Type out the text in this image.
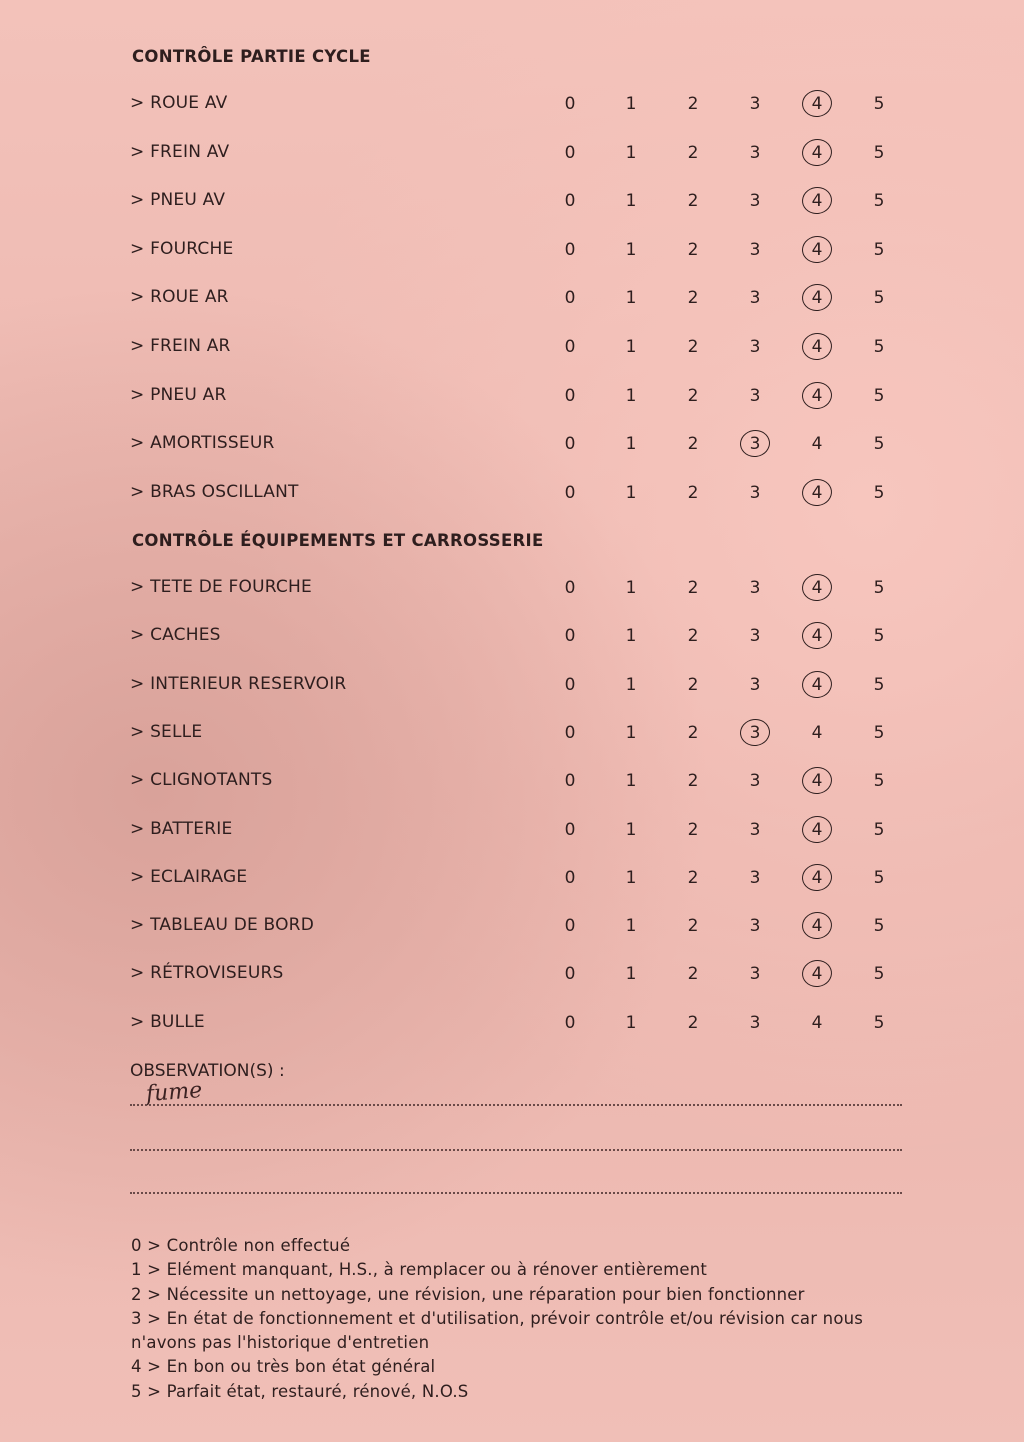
CONTRÔLE PARTIE CYCLE
> ROUE AV	0	1	2	3	4	5
> FREIN AV	0	1	2	3	4	5
> PNEU AV	0	1	2	3	4	5
> FOURCHE	0	1	2	3	4	5
> ROUE AR	0	1	2	3	4	5
> FREIN AR	0	1	2	3	4	5
> PNEU AR	0	1	2	3	4	5
> AMORTISSEUR	0	1	2	3	4	5
> BRAS OSCILLANT	0	1	2	3	4	5
CONTRÔLE ÉQUIPEMENTS ET CARROSSERIE
> TETE DE FOURCHE	0	1	2	3	4	5
> CACHES	0	1	2	3	4	5
> INTERIEUR RESERVOIR	0	1	2	3	4	5
> SELLE	0	1	2	3	4	5
> CLIGNOTANTS	0	1	2	3	4	5
> BATTERIE	0	1	2	3	4	5
> ECLAIRAGE	0	1	2	3	4	5
> TABLEAU DE BORD	0	1	2	3	4	5
> RÉTROVISEURS	0	1	2	3	4	5
> BULLE	0	1	2	3	4	5
OBSERVATION(S) :
fume
0 > Contrôle non effectué
1 > Elément manquant, H.S., à remplacer ou à rénover entièrement
2 > Nécessite un nettoyage, une révision, une réparation pour bien fonctionner
3 > En état de fonctionnement et d'utilisation, prévoir contrôle et/ou révision car nous
n'avons pas l'historique d'entretien
4 > En bon ou très bon état général
5 > Parfait état, restauré, rénové, N.O.S
